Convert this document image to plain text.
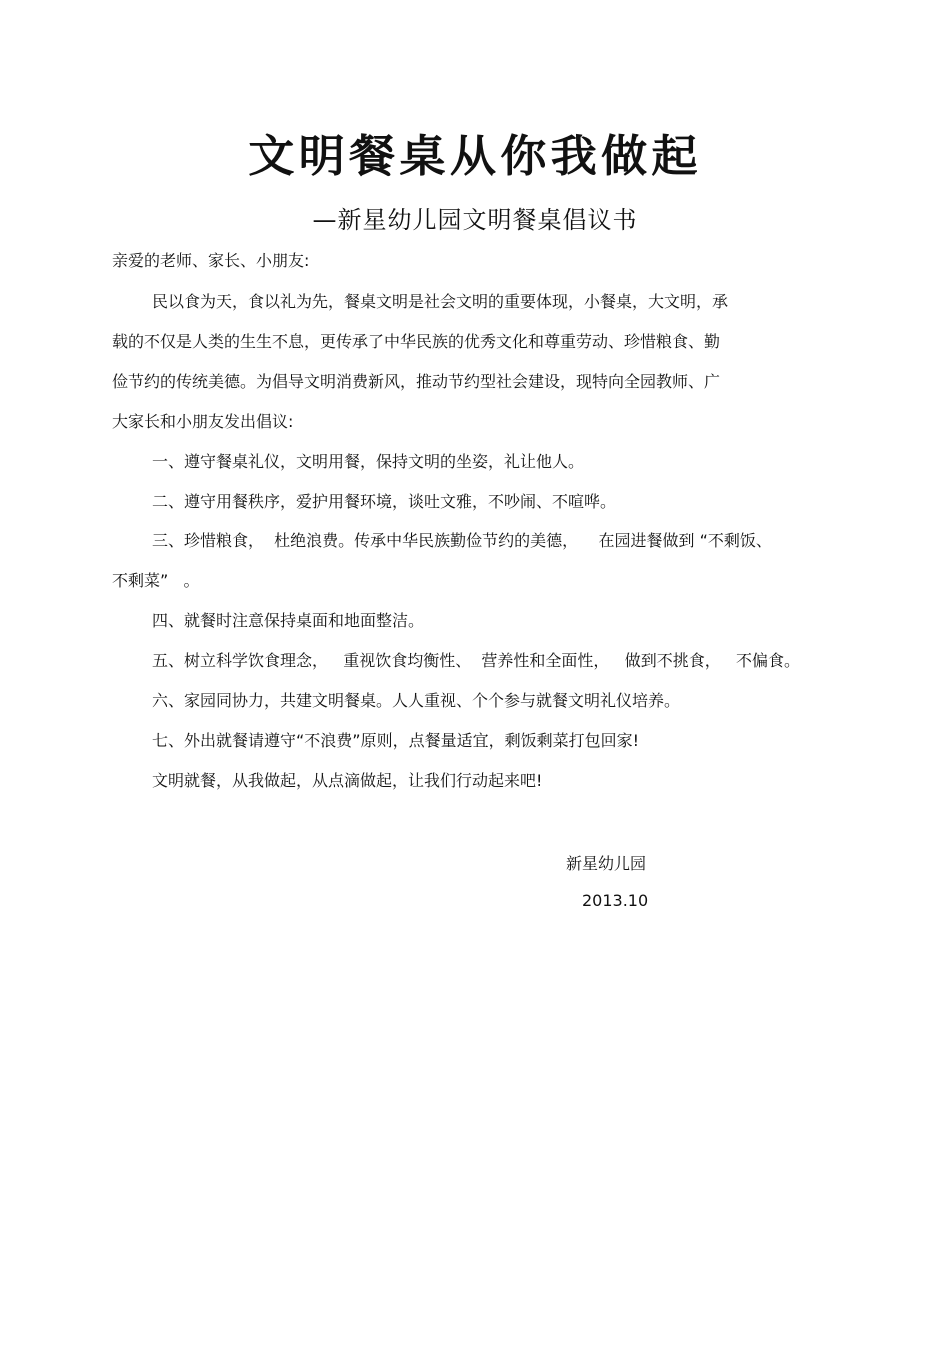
文明餐桌从你我做起
—新星幼儿园文明餐桌倡议书
亲爱的老师、家长、小朋友:
民以食为天，食以礼为先，餐桌文明是社会文明的重要体现，小餐桌，大文明，承
载的不仅是人类的生生不息，更传承了中华民族的优秀文化和尊重劳动、珍惜粮食、勤
俭节约的传统美德。为倡导文明消费新风，推动节约型社会建设，现特向全园教师、广
大家长和小朋友发出倡议:
一、遵守餐桌礼仪，文明用餐，保持文明的坐姿，礼让他人。
二、遵守用餐秩序，爱护用餐环境，谈吐文雅，不吵闹、不喧哗。
三、珍惜粮食，  杜绝浪费。传承中华民族勤俭节约的美德，    在园进餐做到 “不剩饭、
不剩菜”   。
四、就餐时注意保持桌面和地面整洁。
五、树立科学饮食理念，   重视饮食均衡性、  营养性和全面性，   做到不挑食，   不偏食。
六、家园同协力，共建文明餐桌。人人重视、个个参与就餐文明礼仪培养。
七、外出就餐请遵守“不浪费”原则，点餐量适宜，剩饭剩菜打包回家!
文明就餐，从我做起，从点滴做起，让我们行动起来吧!
新星幼儿园
2013.10
